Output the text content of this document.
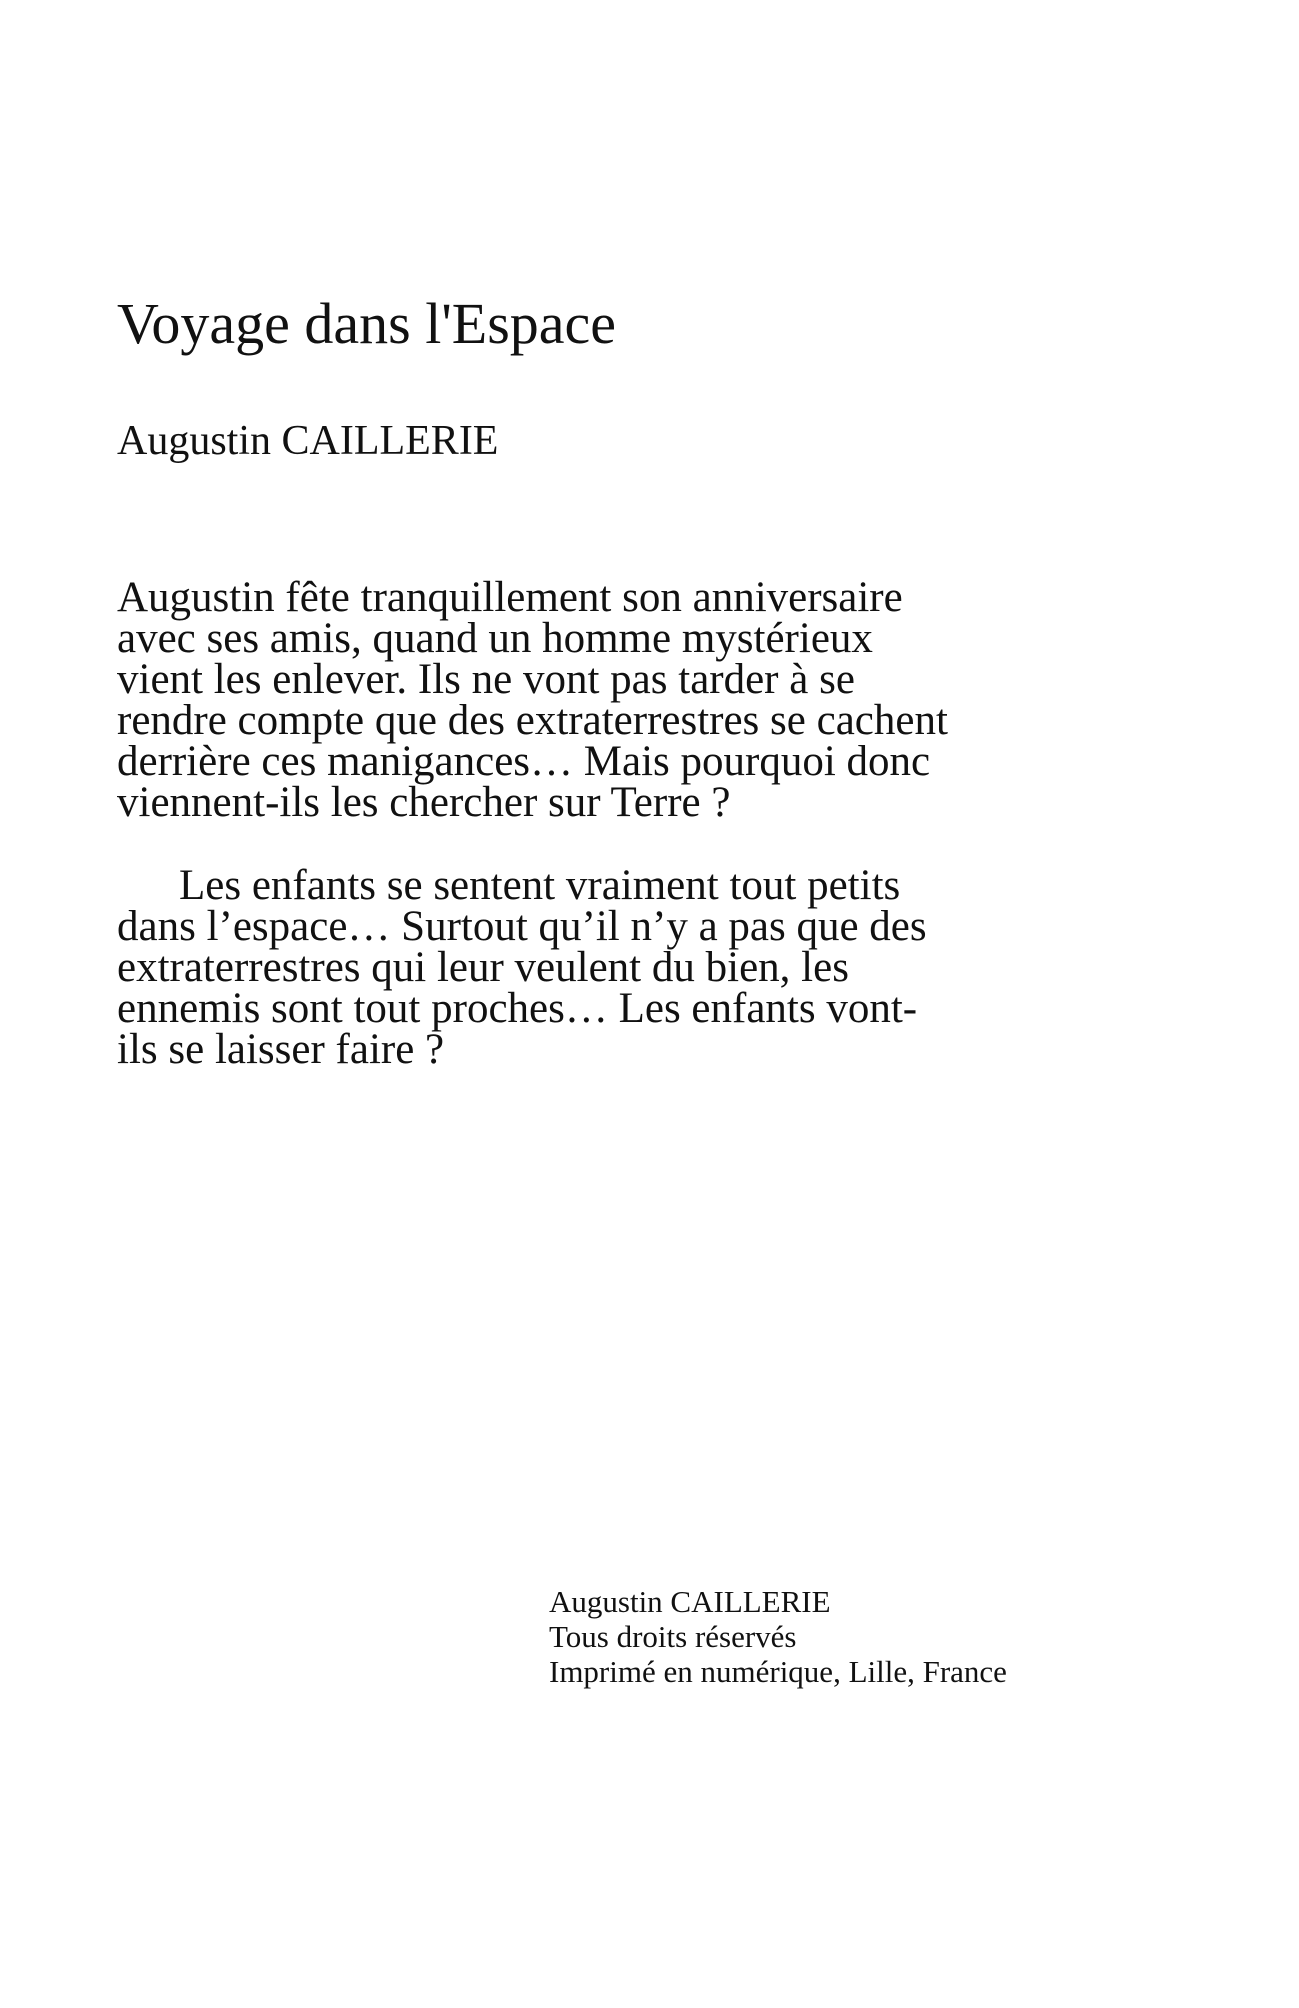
Voyage dans l'Espace
Augustin CAILLERIE

Augustin fête tranquillement son anniversaire avec ses amis, quand un homme mystérieux vient les enlever. Ils ne vont pas tarder à se rendre compte que des extraterrestres se cachent derrière ces manigances… Mais pourquoi donc viennent-ils les chercher sur Terre ?

Les enfants se sentent vraiment tout petits dans l’espace… Surtout qu’il n’y a pas que des extraterrestres qui leur veulent du bien, les ennemis sont tout proches… Les enfants vont-ils se laisser faire ?

Augustin CAILLERIE
Tous droits réservés
Imprimé en numérique, Lille, France
